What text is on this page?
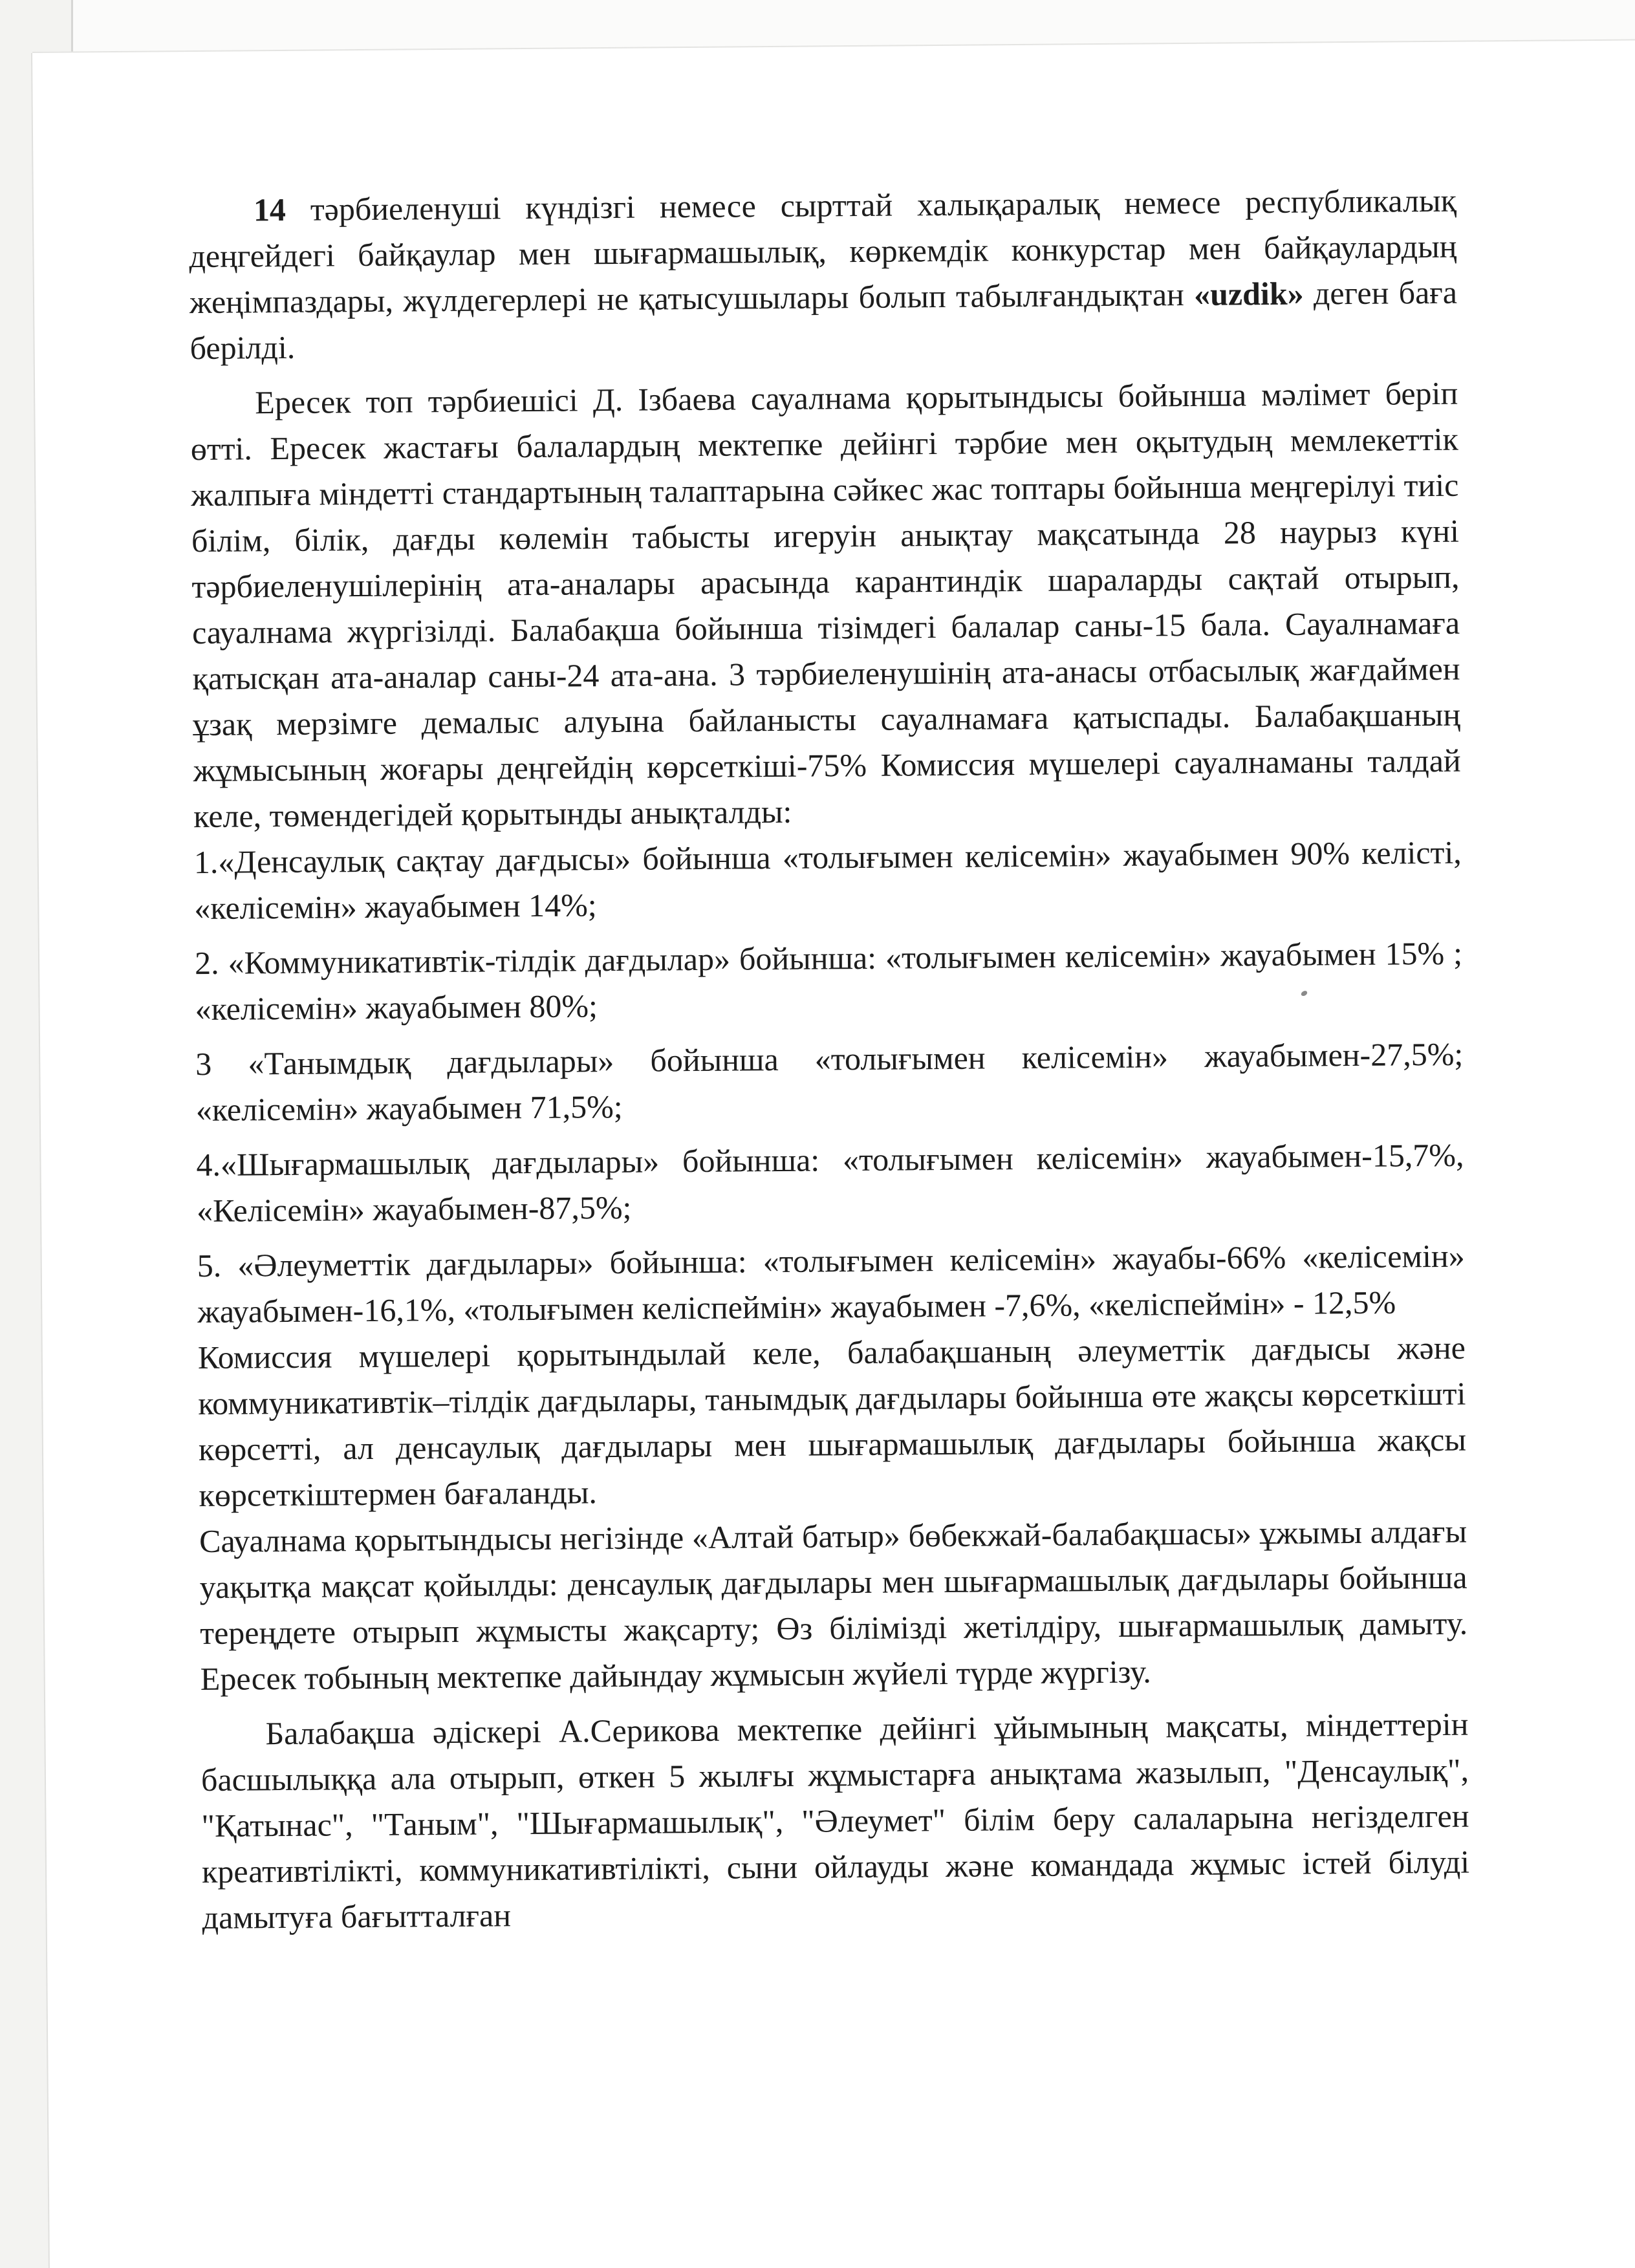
14 тәрбиеленуші күндізгі немесе сырттай халықаралық немесе республикалық деңгейдегі байқаулар мен шығармашылық, көркемдік конкурстар мен байқаулардың жеңімпаздары, жүлдегерлері не қатысушылары болып табылғандықтан «uzdik» деген баға берілді.

Ересек топ тәрбиешісі Д. Ізбаева сауалнама қорытындысы бойынша мәлімет беріп өтті. Ересек жастағы балалардың мектепке дейінгі тәрбие мен оқытудың мемлекеттік жалпыға міндетті стандартының талаптарына сәйкес жас топтары бойынша меңгерілуі тиіс білім, білік, дағды көлемін табысты игеруін анықтау мақсатында 28 наурыз күні тәрбиеленушілерінің ата-аналары арасында карантиндік шараларды сақтай отырып, сауалнама жүргізілді. Балабақша бойынша тізімдегі балалар саны-15 бала. Сауалнамаға қатысқан ата-аналар саны-24 ата-ана. 3 тәрбиеленушінің ата-анасы отбасылық жағдаймен ұзақ мерзімге демалыс алуына байланысты сауалнамаға қатыспады. Балабақшаның жұмысының жоғары деңгейдің көрсеткіші-75% Комиссия мүшелері сауалнаманы талдай келе, төмендегідей қорытынды анықталды:

1.«Денсаулық сақтау дағдысы» бойынша «толығымен келісемін» жауабымен 90% келісті, «келісемін» жауабымен 14%;

2. «Коммуникативтік-тілдік дағдылар» бойынша: «толығымен келісемін» жауабымен 15% ; «келісемін» жауабымен 80%;

3 «Танымдық дағдылары» бойынша «толығымен келісемін» жауабымен-27,5%; «келісемін» жауабымен 71,5%;

4.«Шығармашылық дағдылары» бойынша: «толығымен келісемін» жауабымен-15,7%, «Келісемін» жауабымен-87,5%;

5. «Әлеуметтік дағдылары» бойынша: «толығымен келісемін» жауабы-66% «келісемін» жауабымен-16,1%, «толығымен келіспеймін» жауабымен -7,6%, «келіспеймін» - 12,5%

Комиссия мүшелері қорытындылай келе, балабақшаның әлеуметтік дағдысы және коммуникативтік–тілдік дағдылары, танымдық дағдылары бойынша өте жақсы көрсеткішті көрсетті, ал денсаулық дағдылары мен шығармашылық дағдылары бойынша жақсы көрсеткіштермен бағаланды.

Сауалнама қорытындысы негізінде «Алтай батыр» бөбекжай-балабақшасы» ұжымы алдағы уақытқа мақсат қойылды: денсаулық дағдылары мен шығармашылық дағдылары бойынша тереңдете отырып жұмысты жақсарту; Өз білімізді жетілдіру, шығармашылық дамыту. Ересек тобының мектепке дайындау жұмысын жүйелі түрде жүргізу.

Балабақша әдіскері А.Серикова мектепке дейінгі ұйымының мақсаты, міндеттерін басшылыққа ала отырып, өткен 5 жылғы жұмыстарға анықтама жазылып, "Денсаулық", "Қатынас", "Таным", "Шығармашылық", "Әлеумет" білім беру салаларына негізделген креативтілікті, коммуникативтілікті, сыни ойлауды және командада жұмыс істей білуді дамытуға бағытталған
